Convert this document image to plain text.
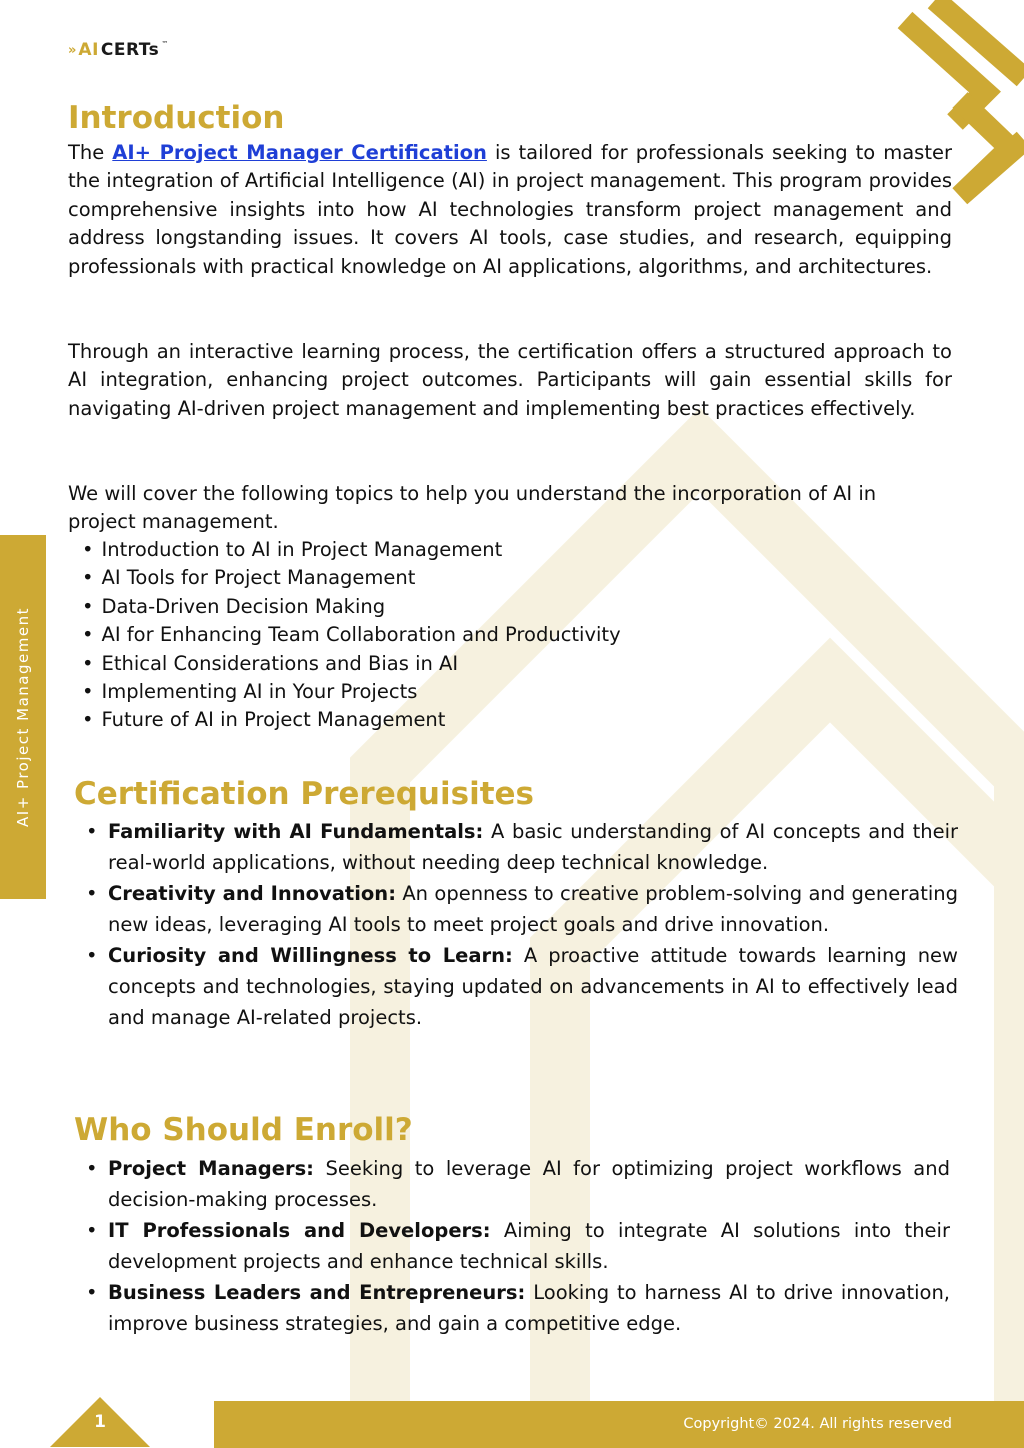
» AI CERTs ™
AI+ Project Management
Introduction

The AI+ Project Manager Certification is tailored for professionals seeking to master the integration of Artificial Intelligence (AI) in project management. This program provides comprehensive insights into how AI technologies transform project management and address longstanding issues. It covers AI tools, case studies, and research, equipping professionals with practical knowledge on AI applications, algorithms, and architectures.

Through an interactive learning process, the certification offers a structured approach to AI integration, enhancing project outcomes. Participants will gain essential skills for navigating AI-driven project management and implementing best practices effectively.

We will cover the following topics to help you understand the incorporation of AI in project management.

• Introduction to AI in Project Management
• AI Tools for Project Management
• Data-Driven Decision Making
• AI for Enhancing Team Collaboration and Productivity
• Ethical Considerations and Bias in AI
• Implementing AI in Your Projects
• Future of AI in Project Management
Certification Prerequisites
• Familiarity with AI Fundamentals: A basic understanding of AI concepts and their real-world applications, without needing deep technical knowledge.
• Creativity and Innovation: An openness to creative problem-solving and generating new ideas, leveraging AI tools to meet project goals and drive innovation.
• Curiosity and Willingness to Learn: A proactive attitude towards learning new concepts and technologies, staying updated on advancements in AI to effectively lead and manage AI-related projects.
Who Should Enroll?
• Project Managers: Seeking to leverage AI for optimizing project workflows and decision-making processes.
• IT Professionals and Developers: Aiming to integrate AI solutions into their development projects and enhance technical skills.
• Business Leaders and Entrepreneurs: Looking to harness AI to drive innovation, improve business strategies, and gain a competitive edge.
1	Copyright© 2024. All rights reserved
